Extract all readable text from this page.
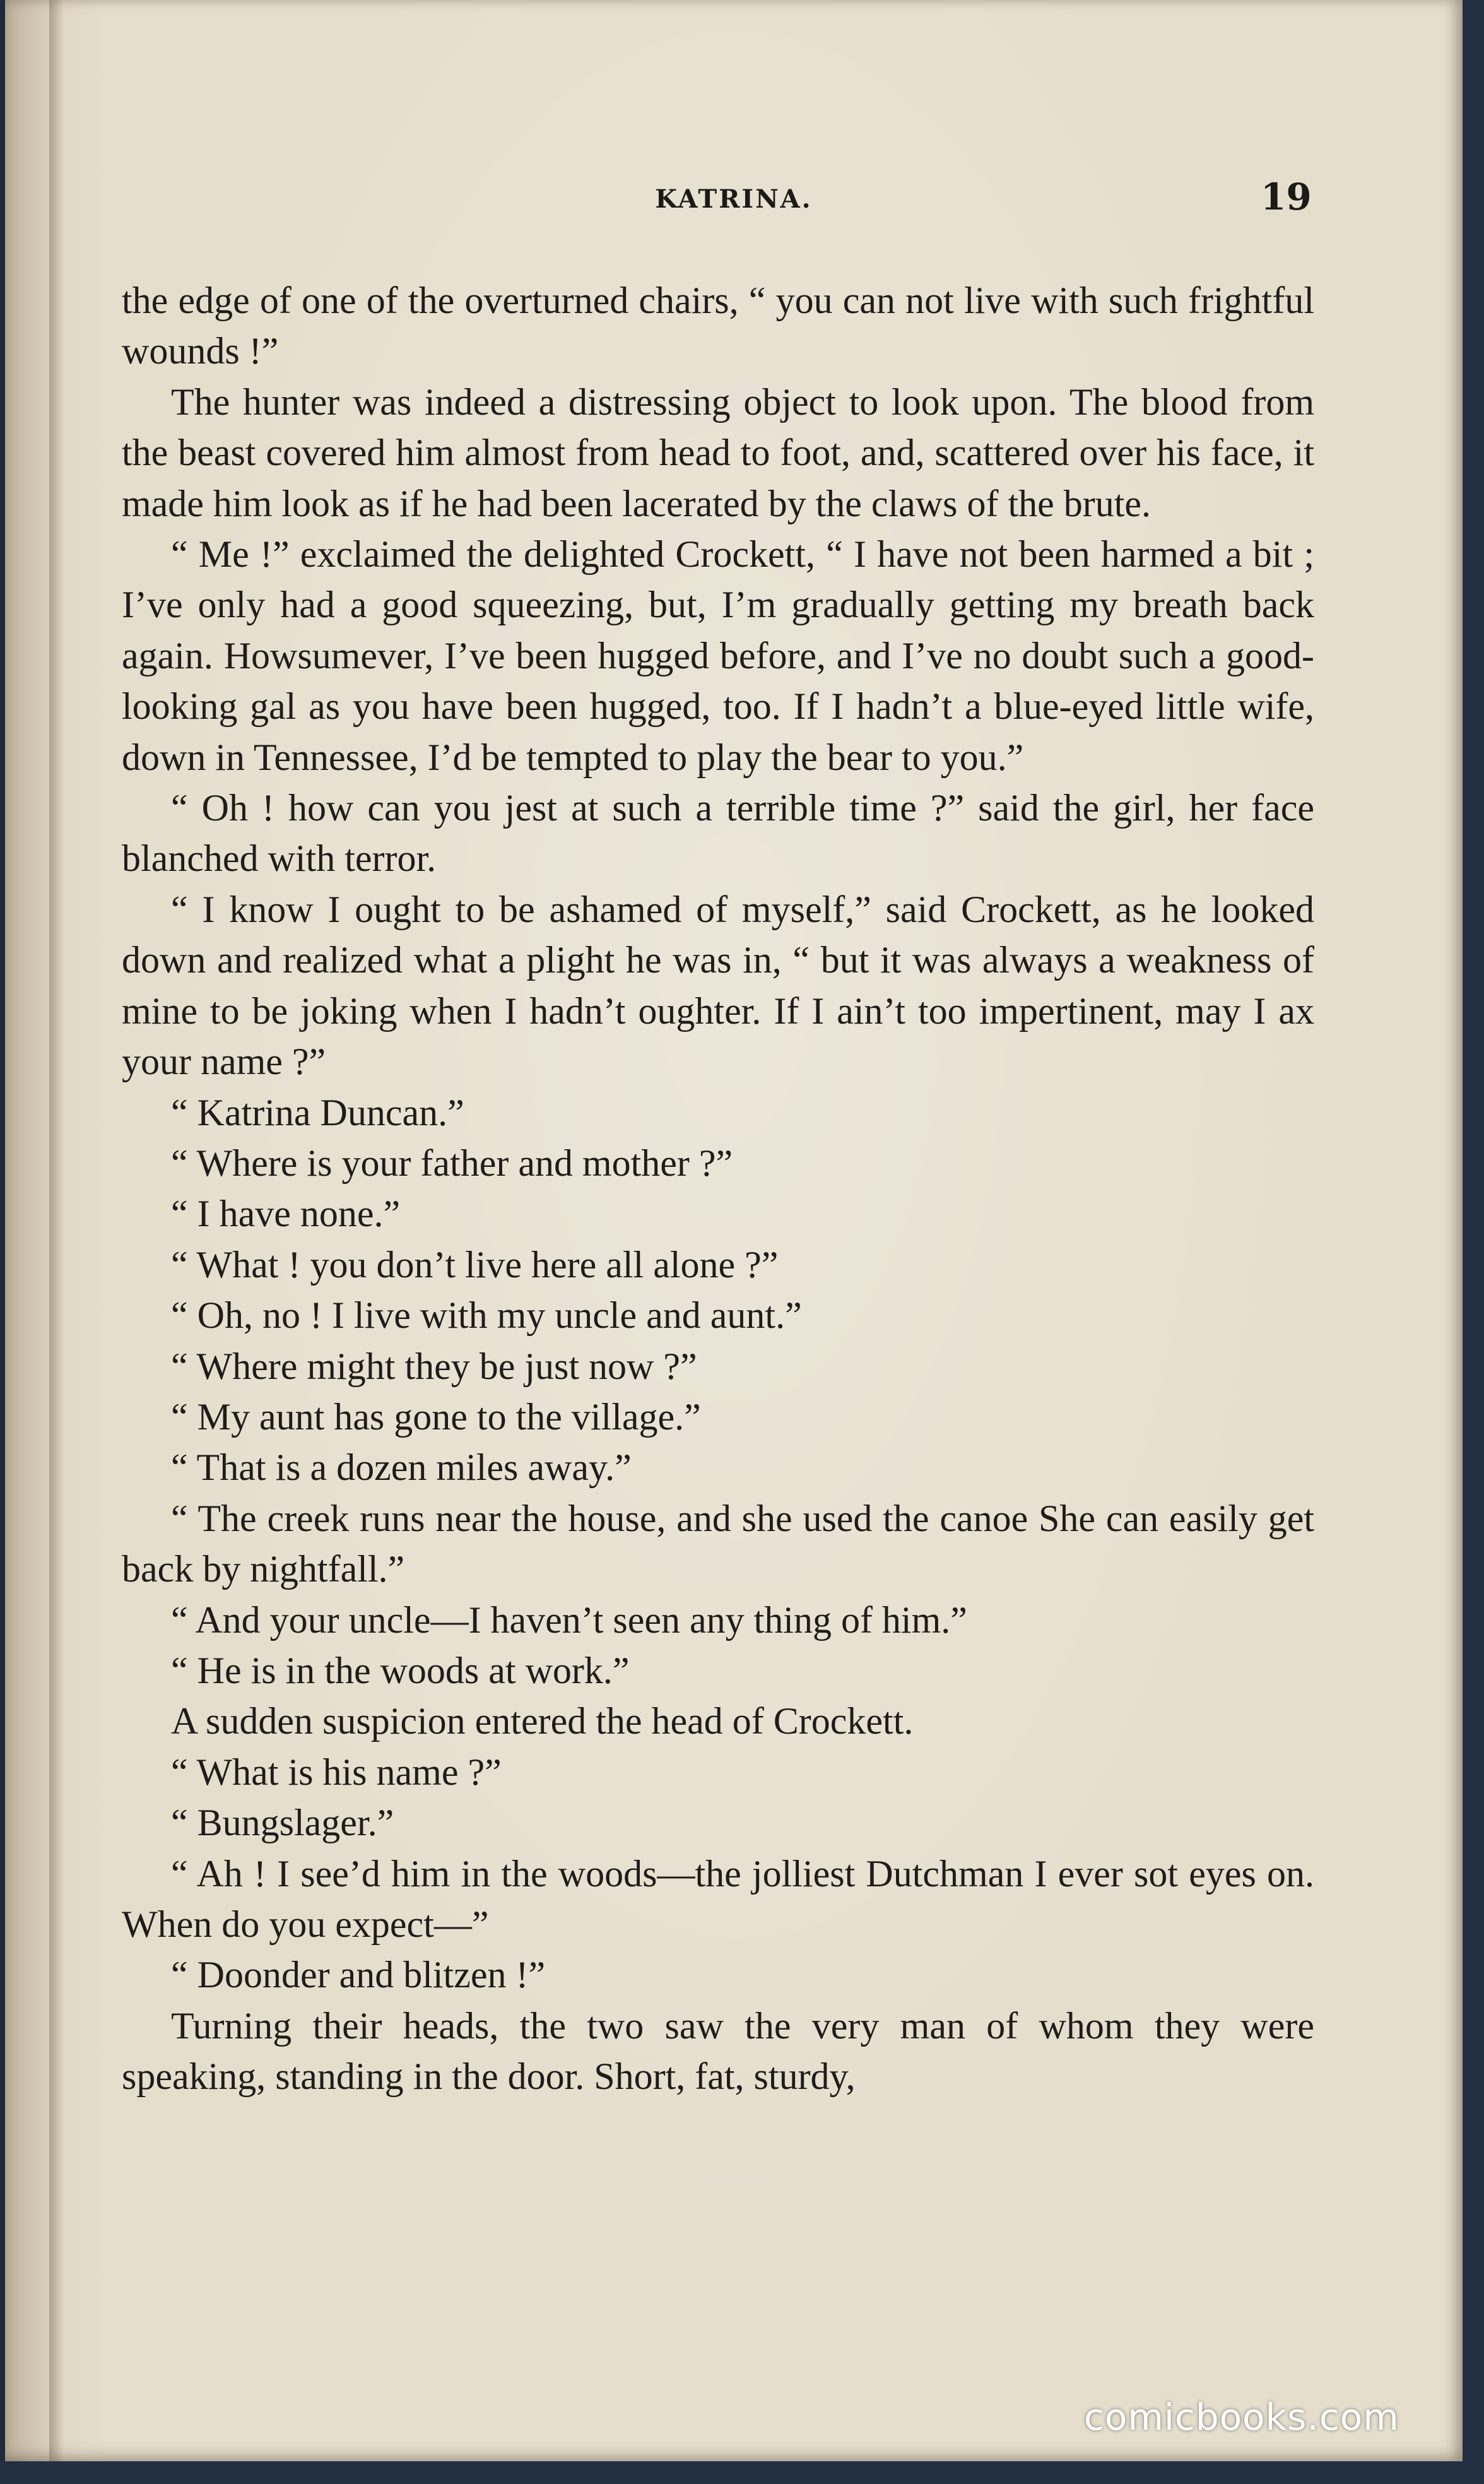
KATRINA.	19

the edge of one of the overturned chairs, “ you can not live with such frightful wounds !”

The hunter was indeed a distressing object to look upon. The blood from the beast covered him almost from head to foot, and, scattered over his face, it made him look as if he had been lacerated by the claws of the brute.

“ Me !” exclaimed the delighted Crockett, “ I have not been harmed a bit ; I’ve only had a good squeezing, but, I’m gradually getting my breath back again. Howsumever, I’ve been hugged before, and I’ve no doubt such a good-looking gal as you have been hugged, too. If I hadn’t a blue-eyed little wife, down in Tennessee, I’d be tempted to play the bear to you.”

“ Oh ! how can you jest at such a terrible time ?” said the girl, her face blanched with terror.

“ I know I ought to be ashamed of myself,” said Crockett, as he looked down and realized what a plight he was in, “ but it was always a weakness of mine to be joking when I hadn’t oughter. If I ain’t too impertinent, may I ax your name ?”

“ Katrina Duncan.”

“ Where is your father and mother ?”

“ I have none.”

“ What ! you don’t live here all alone ?”

“ Oh, no ! I live with my uncle and aunt.”

“ Where might they be just now ?”

“ My aunt has gone to the village.”

“ That is a dozen miles away.”

“ The creek runs near the house, and she used the canoe She can easily get back by nightfall.”

“ And your uncle—I haven’t seen any thing of him.”

“ He is in the woods at work.”

A sudden suspicion entered the head of Crockett.

“ What is his name ?”

“ Bungslager.”

“ Ah ! I see’d him in the woods—the jolliest Dutchman I ever sot eyes on. When do you expect—”

“ Doonder and blitzen !”

Turning their heads, the two saw the very man of whom they were speaking, standing in the door. Short, fat, sturdy,

comicbooks.com
